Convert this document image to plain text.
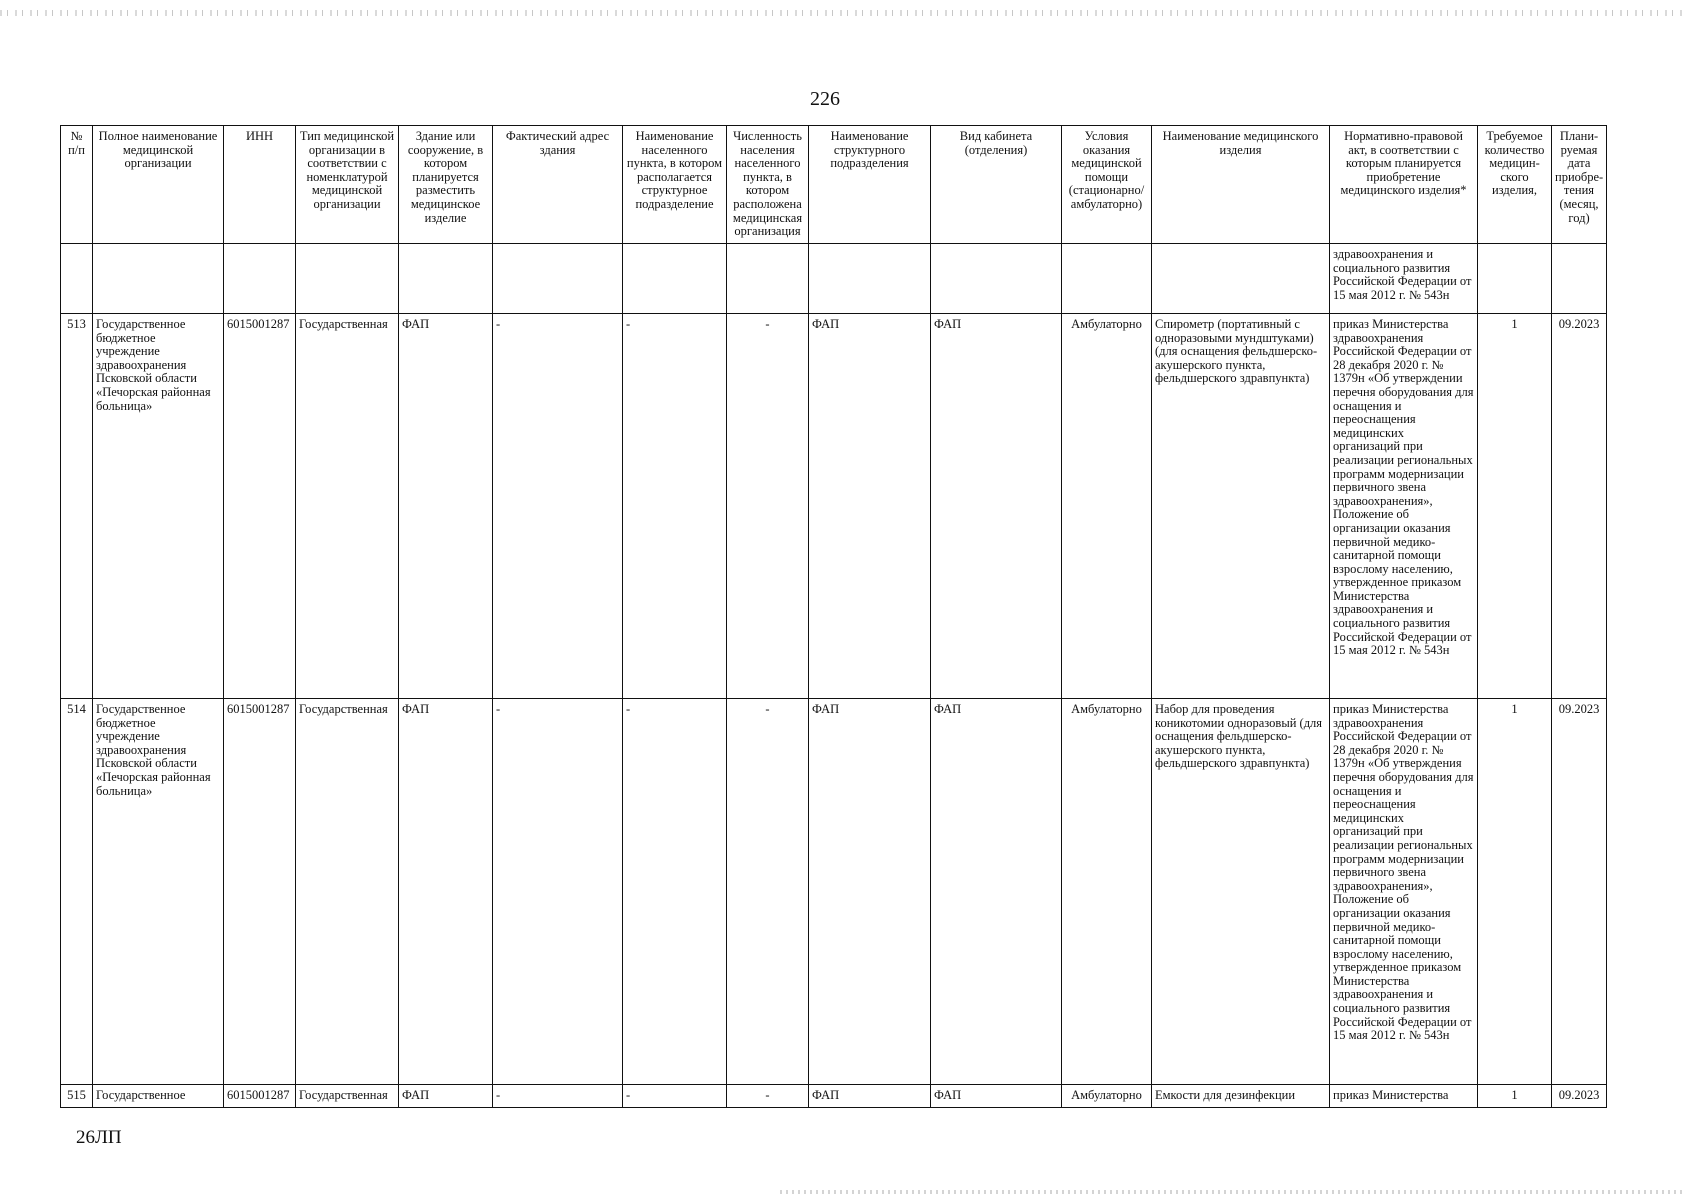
226
№ п/п	Полное наименование медицинской организации	ИНН	Тип медицинской организации в соответствии с номенклатурой медицинской организации	Здание или сооружение, в котором планируется разместить медицинское изделие	Фактический адрес здания	Наименование населенного пункта, в котором располагается структурное подразделение	Численность населения населенного пункта, в котором расположена медицинская организация	Наименование структурного подразделения	Вид кабинета (отделения)	Условия оказания медицинской помощи (стационарно/ амбулаторно)	Наименование медицинского изделия	Нормативно-правовой акт, в соответствии с которым планируется приобретение медицинского изделия*	Требуемое количество медицин-ского изделия,	Плани-руемая дата приобре-тения (месяц, год)
												здравоохранения и социального развития Российской Федерации от 15 мая 2012 г. № 543н		
513	Государственное бюджетное учреждение здравоохранения Псковской области «Печорская районная больница»	6015001287	Государственная	ФАП	-	-	-	ФАП	ФАП	Амбулаторно	Спирометр (портативный с одноразовыми мундштуками) (для оснащения фельдшерско-акушерского пункта, фельдшерского здравпункта)	приказ Министерства здравоохранения Российской Федерации от 28 декабря 2020 г. № 1379н «Об утверждении перечня оборудования для оснащения и переоснащения медицинских организаций при реализации региональных программ модернизации первичного звена здравоохранения», Положение об организации оказания первичной медико-санитарной помощи взрослому населению, утвержденное приказом Министерства здравоохранения и социального развития Российской Федерации от 15 мая 2012 г. № 543н	1	09.2023
514	Государственное бюджетное учреждение здравоохранения Псковской области «Печорская районная больница»	6015001287	Государственная	ФАП	-	-	-	ФАП	ФАП	Амбулаторно	Набор для проведения коникотомии одноразовый (для оснащения фельдшерско-акушерского пункта, фельдшерского здравпункта)	приказ Министерства здравоохранения Российской Федерации от 28 декабря 2020 г. № 1379н «Об утверждения перечня оборудования для оснащения и переоснащения медицинских организаций при реализации региональных программ модернизации первичного звена здравоохранения», Положение об организации оказания первичной медико-санитарной помощи взрослому населению, утвержденное приказом Министерства здравоохранения и социального развития Российской Федерации от 15 мая 2012 г. № 543н	1	09.2023
515	Государственное	6015001287	Государственная	ФАП	-	-	-	ФАП	ФАП	Амбулаторно	Емкости для дезинфекции	приказ Министерства	1	09.2023
26ЛП
